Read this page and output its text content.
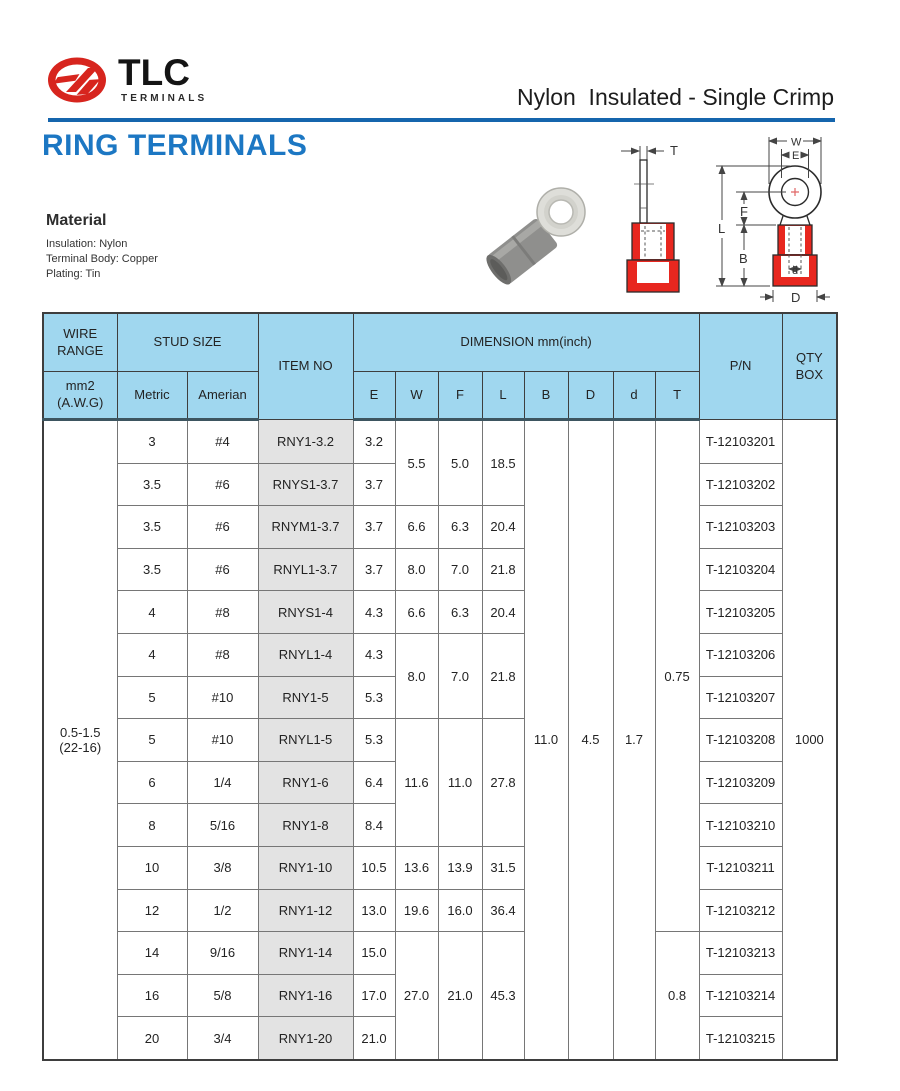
TLC
TERMINALS	Nylon  Insulated - Single Crimp
RING TERMINALS
Material
Insulation: Nylon
Terminal Body: Copper
Plating: Tin
T
W
E
L
F
B
d
D
WIRE RANGE	STUD SIZE		ITEM NO	DIMENSION mm(inch)								P/N	QTY BOX
mm2 (A.W.G)	Metric	Amerian		E	W	F	L	B	D	d	T		
0.5-1.5
(22-16)	3	#4	RNY1-3.2	3.2	5.5	5.0	18.5	11.0	4.5	1.7	0.75	T-12103201	1000
	3.5	#6	RNYS1-3.7	3.7								T-12103202	
	3.5	#6	RNYM1-3.7	3.7	6.6	6.3	20.4					T-12103203	
	3.5	#6	RNYL1-3.7	3.7	8.0	7.0	21.8					T-12103204	
	4	#8	RNYS1-4	4.3	6.6	6.3	20.4					T-12103205	
	4	#8	RNYL1-4	4.3	8.0	7.0	21.8					T-12103206	
	5	#10	RNY1-5	5.3								T-12103207	
	5	#10	RNYL1-5	5.3	11.6	11.0	27.8					T-12103208	
	6	1/4	RNY1-6	6.4								T-12103209	
	8	5/16	RNY1-8	8.4								T-12103210	
	10	3/8	RNY1-10	10.5	13.6	13.9	31.5					T-12103211	
	12	1/2	RNY1-12	13.0	19.6	16.0	36.4					T-12103212	
	14	9/16	RNY1-14	15.0	27.0	21.0	45.3				0.8	T-12103213	
	16	5/8	RNY1-16	17.0								T-12103214	
	20	3/4	RNY1-20	21.0								T-12103215	
